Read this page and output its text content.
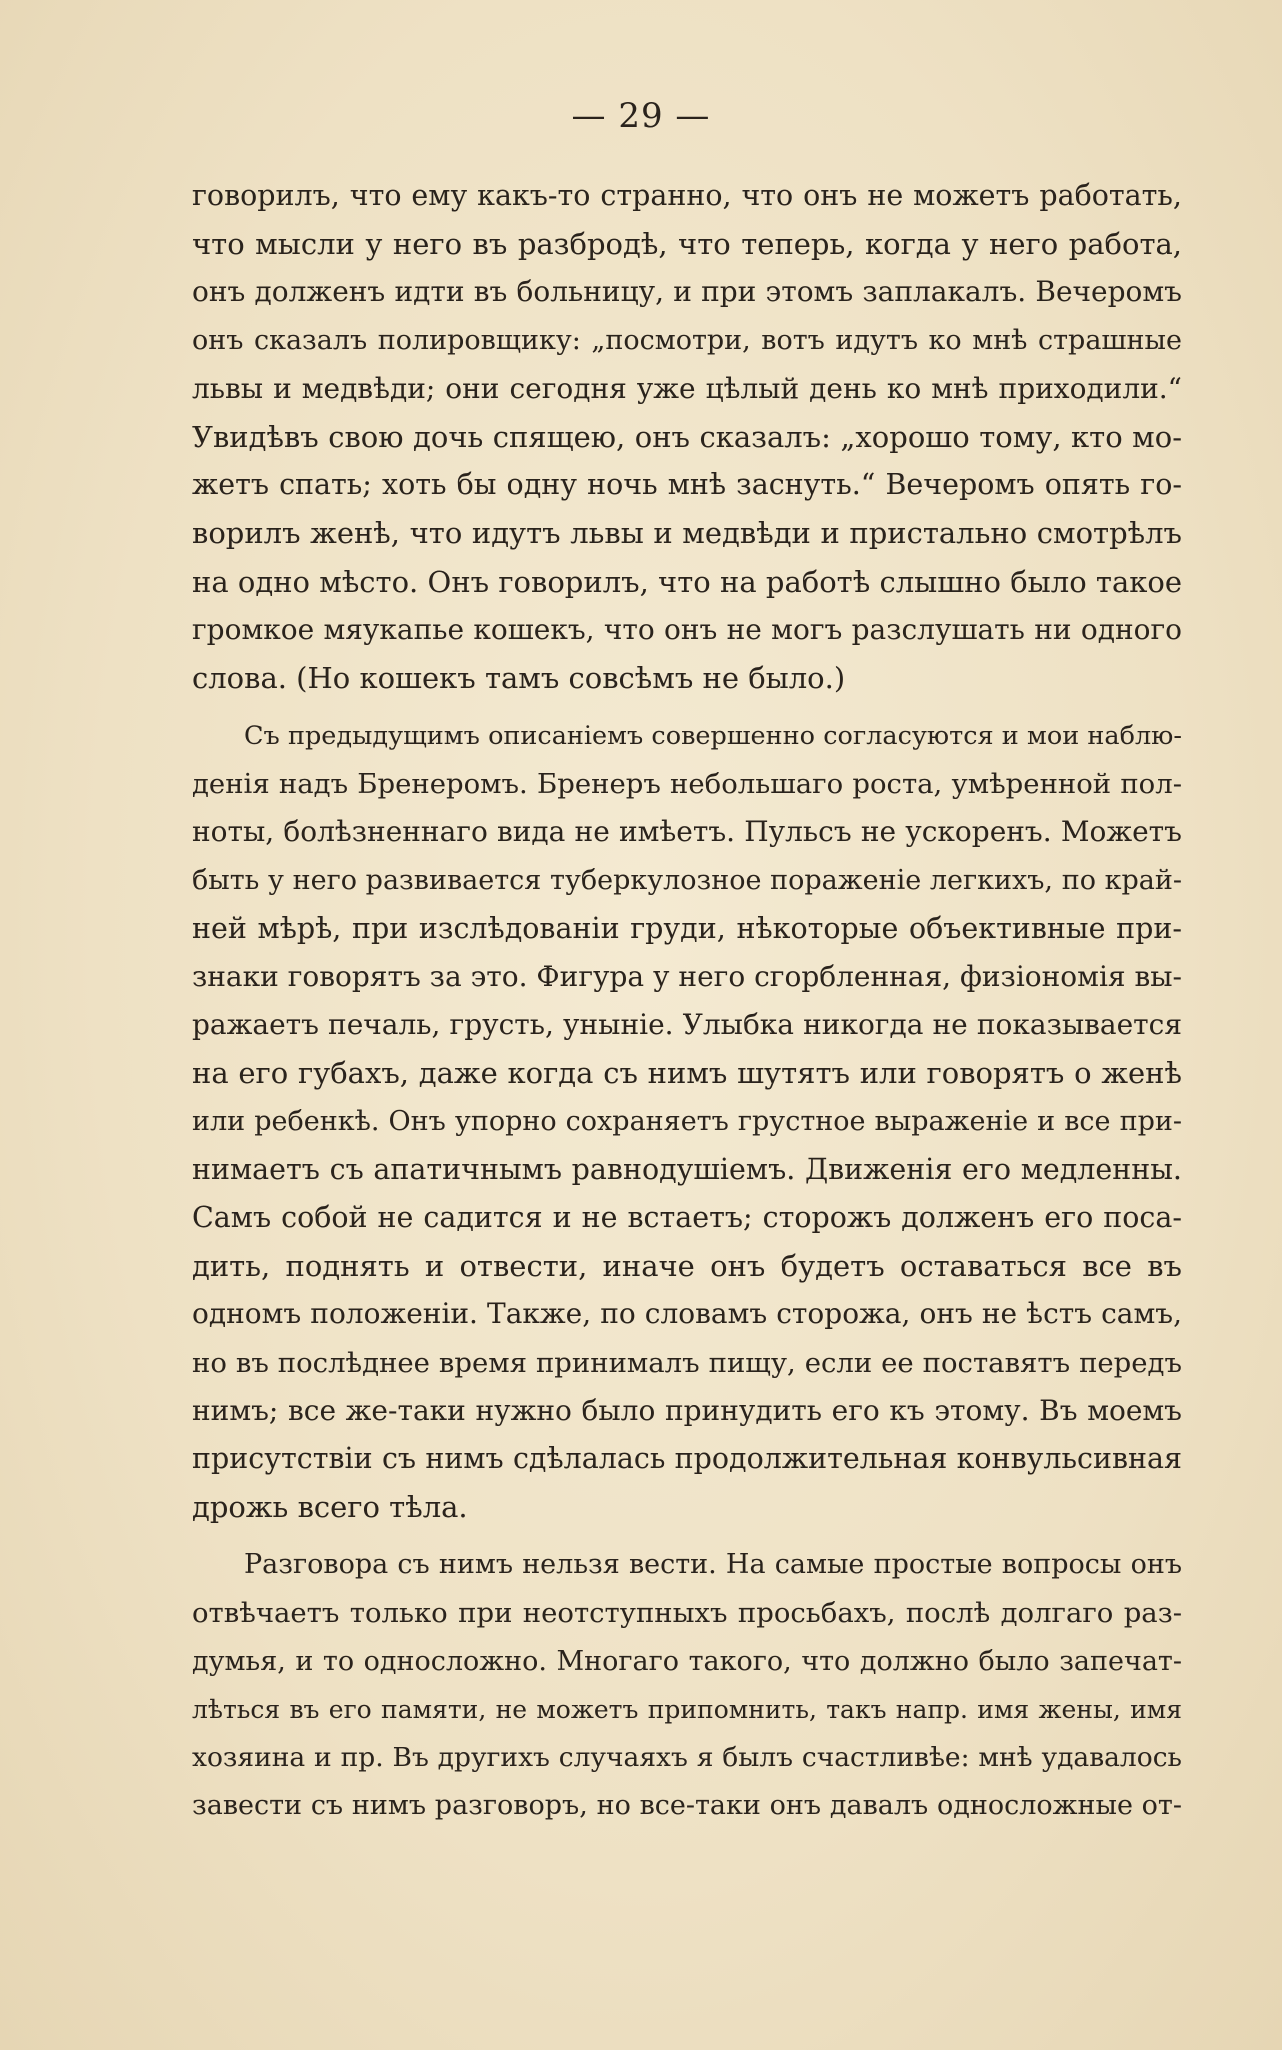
— 29 —
говорилъ, что ему какъ-то странно, что онъ не можетъ работать,
что мысли у него въ разбродѣ, что теперь, когда у него работа,
онъ долженъ идти въ больницу, и при этомъ заплакалъ. Вечеромъ
онъ сказалъ полировщику: „посмотри, вотъ идутъ ко мнѣ страшные
львы и медвѣди; они сегодня уже цѣлый день ко мнѣ приходили.“
Увидѣвъ свою дочь спящею, онъ сказалъ: „хорошо тому, кто мо-
жетъ спать; хоть бы одну ночь мнѣ заснуть.“ Вечеромъ опять го-
ворилъ женѣ, что идутъ львы и медвѣди и пристально смотрѣлъ
на одно мѣсто. Онъ говорилъ, что на работѣ слышно было такое
громкое мяукапье кошекъ, что онъ не могъ разслушать ни одного
слова. (Но кошекъ тамъ совсѣмъ не было.)
Съ предыдущимъ описаніемъ совершенно согласуются и мои наблю-
денія надъ Бренеромъ. Бренеръ небольшаго роста, умѣренной пол-
ноты, болѣзненнаго вида не имѣетъ. Пульсъ не ускоренъ. Можетъ
быть у него развивается туберкулозное пораженіе легкихъ, по край-
ней мѣрѣ, при изслѣдованіи груди, нѣкоторые объективные при-
знаки говорятъ за это. Фигура у него сгорбленная, физіономія вы-
ражаетъ печаль, грусть, уныніе. Улыбка никогда не показывается
на его губахъ, даже когда съ нимъ шутятъ или говорятъ о женѣ
или ребенкѣ. Онъ упорно сохраняетъ грустное выраженіе и все при-
нимаетъ съ апатичнымъ равнодушіемъ. Движенія его медленны.
Самъ собой не садится и не встаетъ; сторожъ долженъ его поса-
дить, поднять и отвести, иначе онъ будетъ оставаться все въ
одномъ положеніи. Также, по словамъ сторожа, онъ не ѣстъ самъ,
но въ послѣднее время принималъ пищу, если ее поставятъ передъ
нимъ; все же-таки нужно было принудить его къ этому. Въ моемъ
присутствіи съ нимъ сдѣлалась продолжительная конвульсивная
дрожь всего тѣла.
Разговора съ нимъ нельзя вести. На самые простые вопросы онъ
отвѣчаетъ только при неотступныхъ просьбахъ, послѣ долгаго раз-
думья, и то односложно. Многаго такого, что должно было запечат-
лѣться въ его памяти, не можетъ припомнить, такъ напр. имя жены, имя
хозяина и пр. Въ другихъ случаяхъ я былъ счастливѣе: мнѣ удавалось
завести съ нимъ разговоръ, но все-таки онъ давалъ односложные от-
